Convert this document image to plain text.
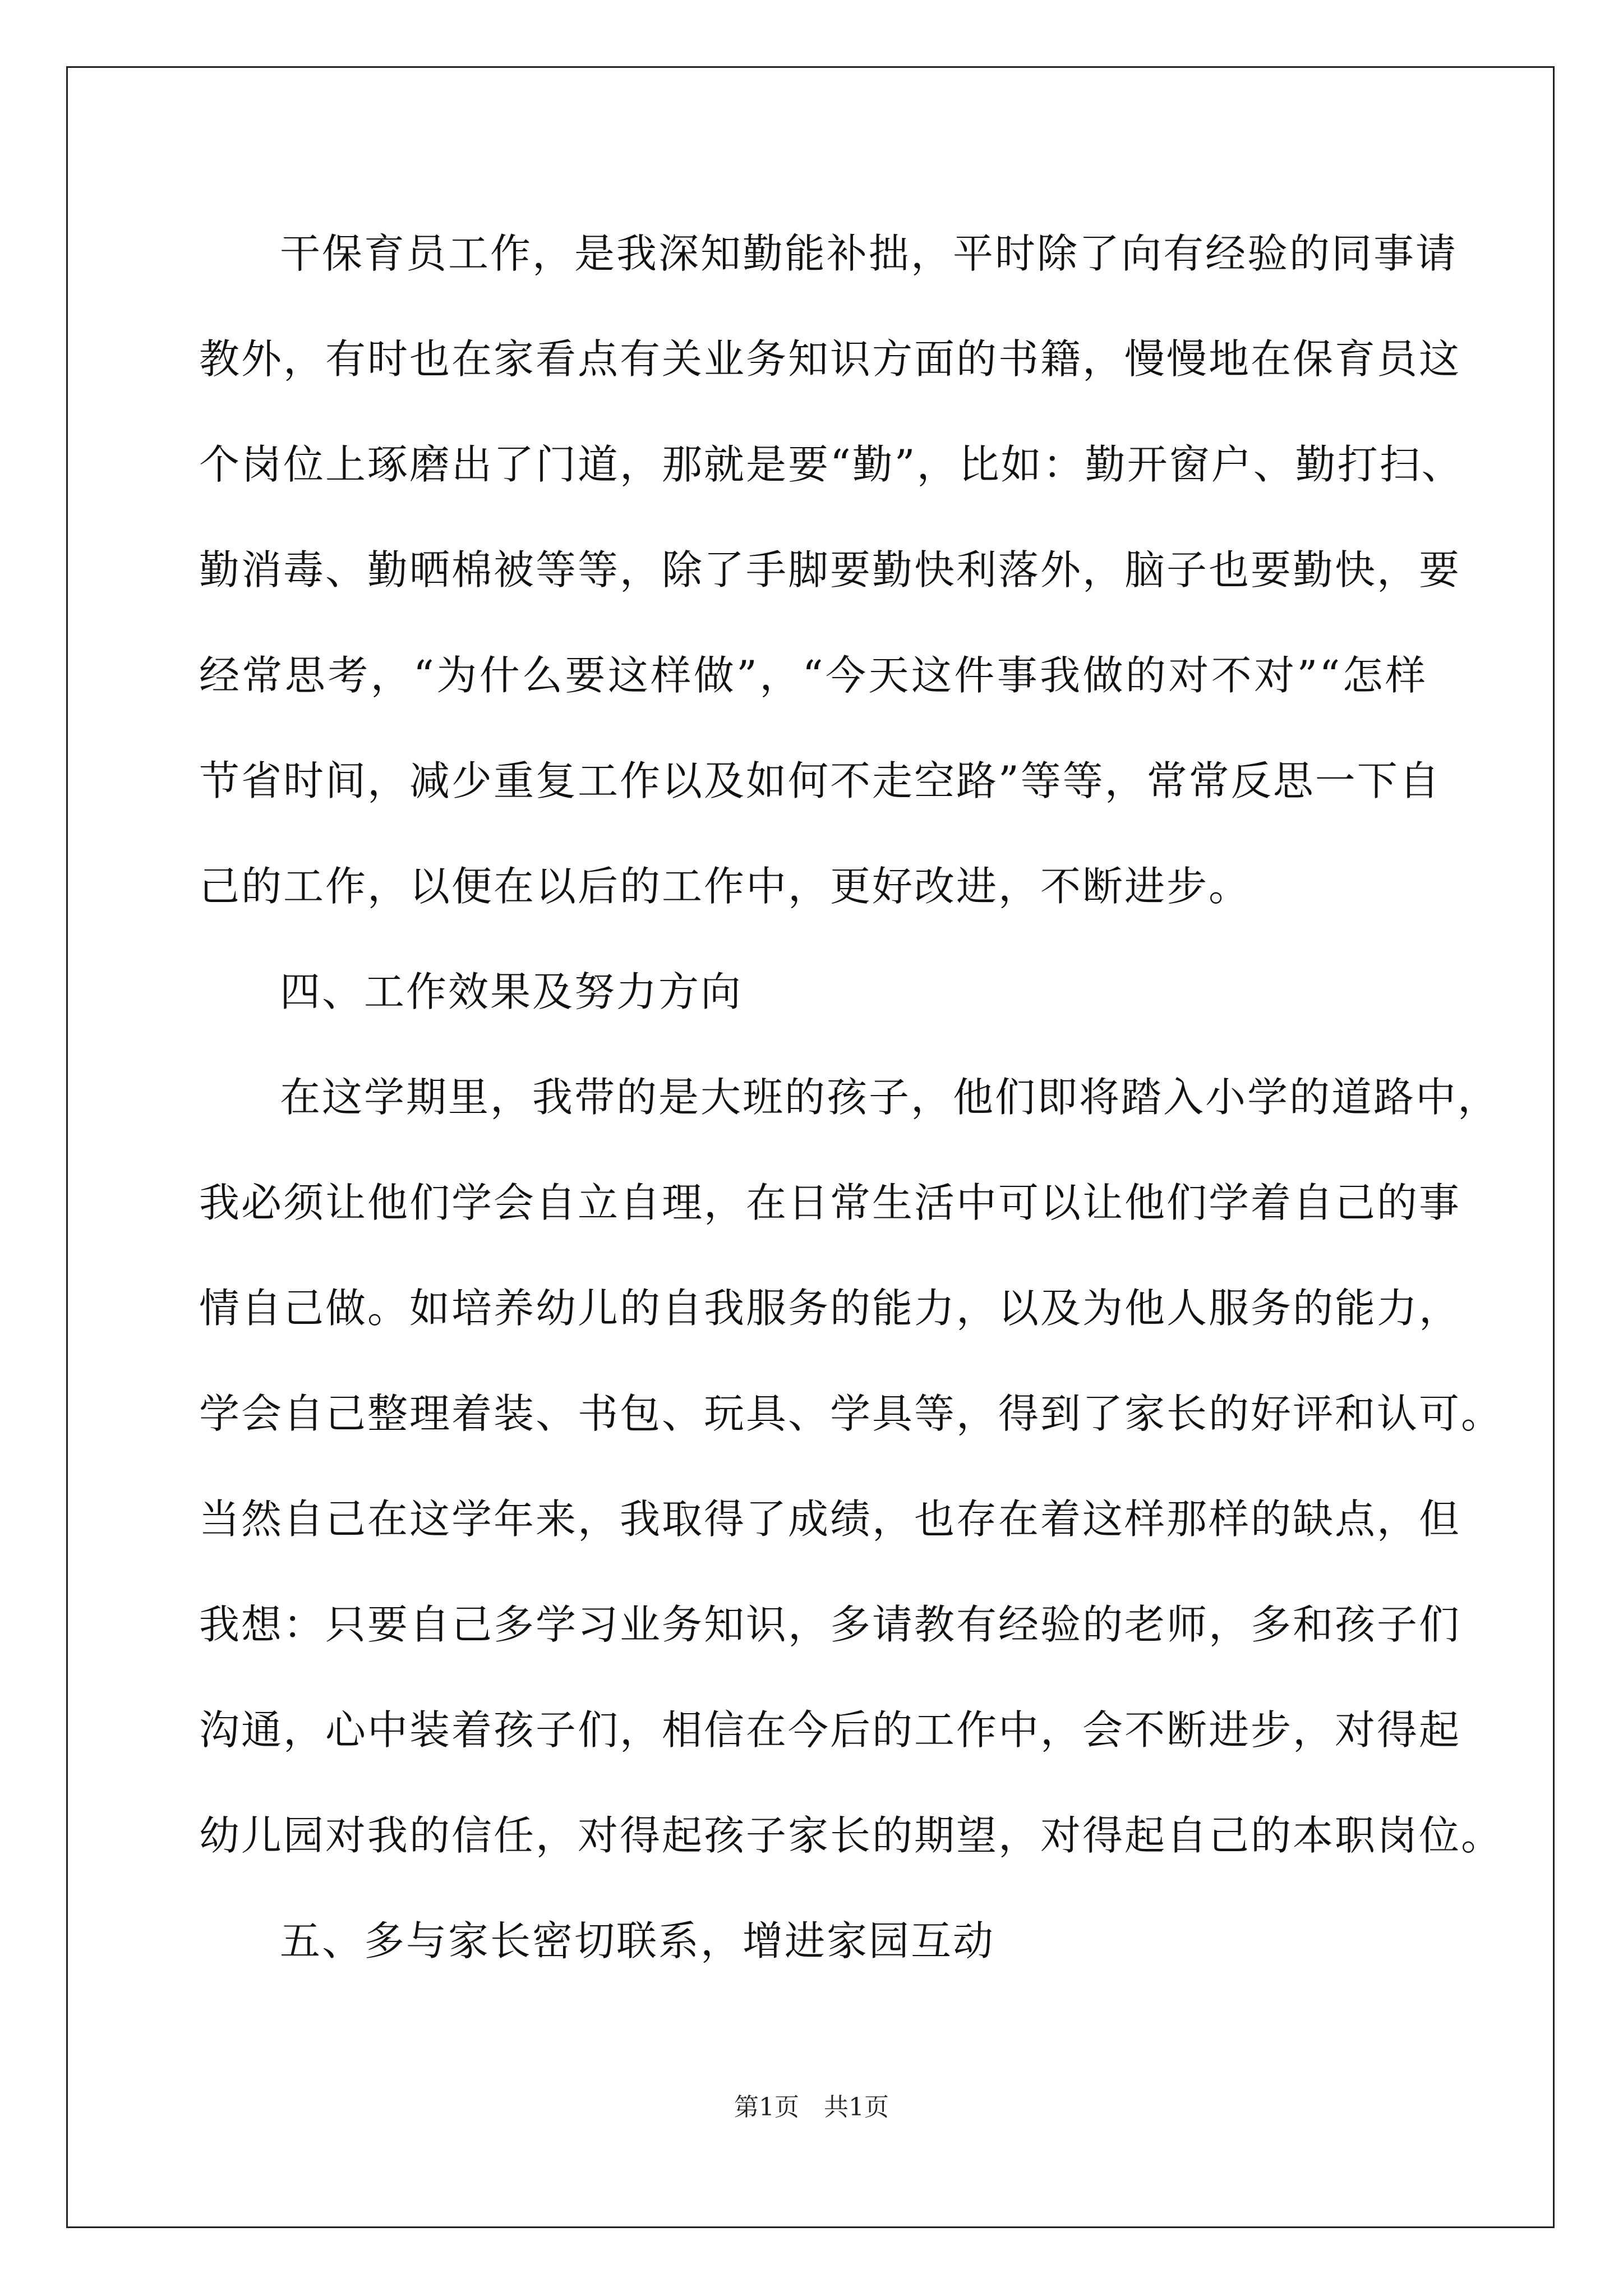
干保育员工作，是我深知勤能补拙，平时除了向有经验的同事请
教外，有时也在家看点有关业务知识方面的书籍，慢慢地在保育员这
个岗位上琢磨出了门道，那就是要“勤”，比如：勤开窗户、勤打扫、
勤消毒、勤晒棉被等等，除了手脚要勤快利落外，脑子也要勤快，要
经常思考，“为什么要这样做”，“今天这件事我做的对不对”“怎样
节省时间，减少重复工作以及如何不走空路”等等，常常反思一下自
己的工作，以便在以后的工作中，更好改进，不断进步。
四、工作效果及努力方向
在这学期里，我带的是大班的孩子，他们即将踏入小学的道路中，
我必须让他们学会自立自理，在日常生活中可以让他们学着自己的事
情自己做。如培养幼儿的自我服务的能力，以及为他人服务的能力，
学会自己整理着装、书包、玩具、学具等，得到了家长的好评和认可。
当然自己在这学年来，我取得了成绩，也存在着这样那样的缺点，但
我想：只要自己多学习业务知识，多请教有经验的老师，多和孩子们
沟通，心中装着孩子们，相信在今后的工作中，会不断进步，对得起
幼儿园对我的信任，对得起孩子家长的期望，对得起自己的本职岗位。
五、多与家长密切联系，增进家园互动
第1页　共1页
